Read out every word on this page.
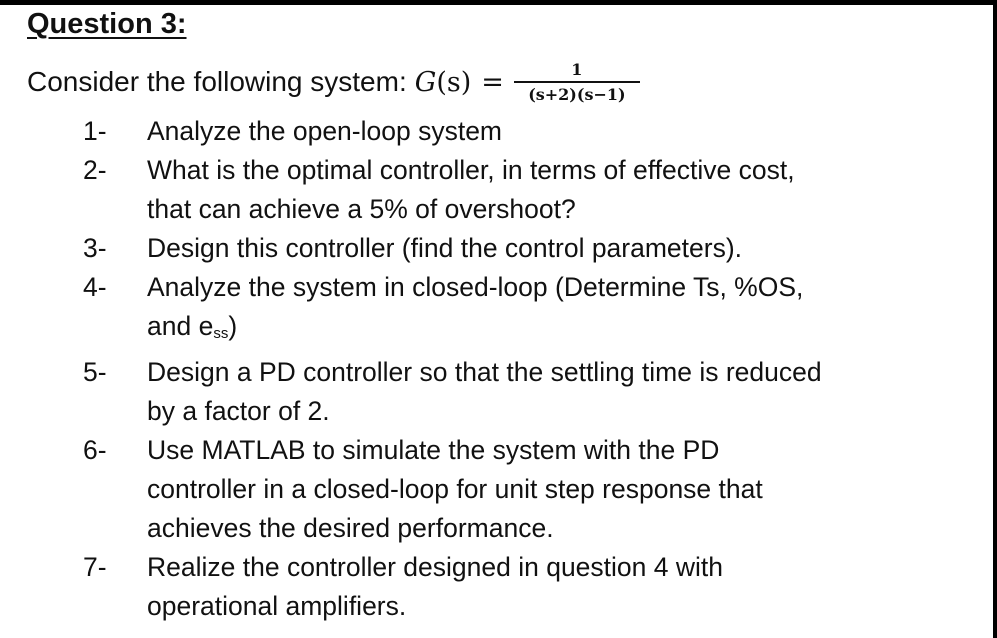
Question 3:
Consider the following system: $G(s) = \frac{1}{(s+2)(s-1)}$
1-	Analyze the open-loop system
2-	What is the optimal controller, in terms of effective cost,
that can achieve a 5% of overshoot?
3-	Design this controller (find the control parameters).
4-	Analyze the system in closed-loop (Determine Ts, %OS,
and $e_{ss}$)
5-	Design a PD controller so that the settling time is reduced
by a factor of 2.
6-	Use MATLAB to simulate the system with the PD
controller in a closed-loop for unit step response that
achieves the desired performance.
7-	Realize the controller designed in question 4 with
operational amplifiers.
